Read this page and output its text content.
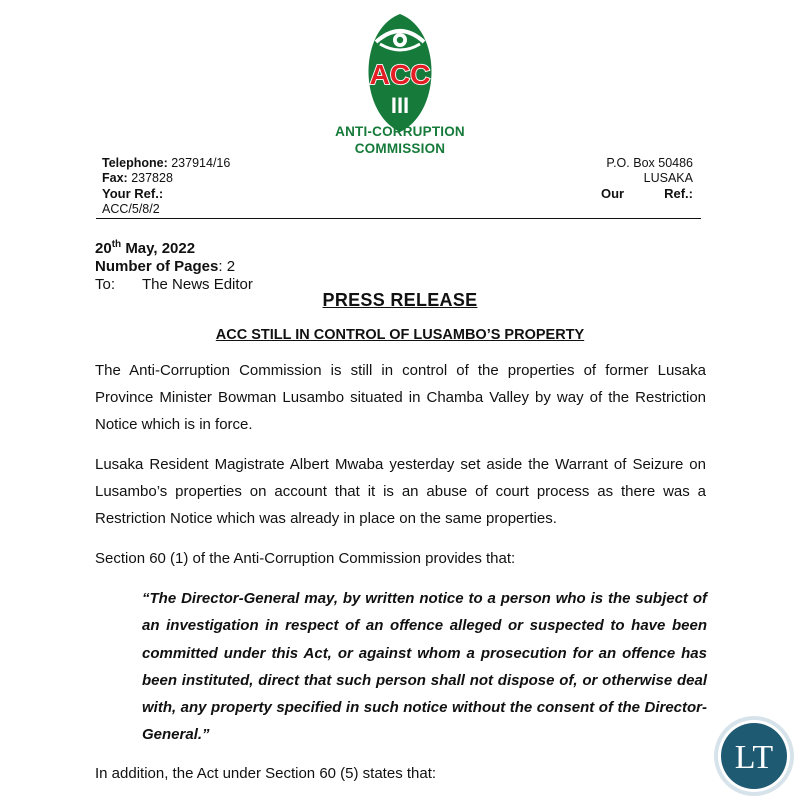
ACC
III
ANTI-CORRUPTION
COMMISSION
Telephone: 237914/16
Fax: 237828
Your Ref.:
ACC/5/8/2
P.O. Box 50486
LUSAKA
Our	Ref.:
20th May, 2022
Number of Pages: 2
To: The News Editor
PRESS RELEASE
ACC STILL IN CONTROL OF LUSAMBO’S PROPERTY

The Anti-Corruption Commission is still in control of the properties of former Lusaka Province Minister Bowman Lusambo situated in Chamba Valley by way of the Restriction Notice which is in force.

Lusaka Resident Magistrate Albert Mwaba yesterday set aside the Warrant of Seizure on Lusambo’s properties on account that it is an abuse of court process as there was a Restriction Notice which was already in place on the same properties.

Section 60 (1) of the Anti-Corruption Commission provides that:

“The Director-General may, by written notice to a person who is the subject of an investigation in respect of an offence alleged or suspected to have been committed under this Act, or against whom a prosecution for an offence has been instituted, direct that such person shall not dispose of, or otherwise deal with, any property specified in such notice without the consent of the Director-General.”

In addition, the Act under Section 60 (5) states that:	LT
